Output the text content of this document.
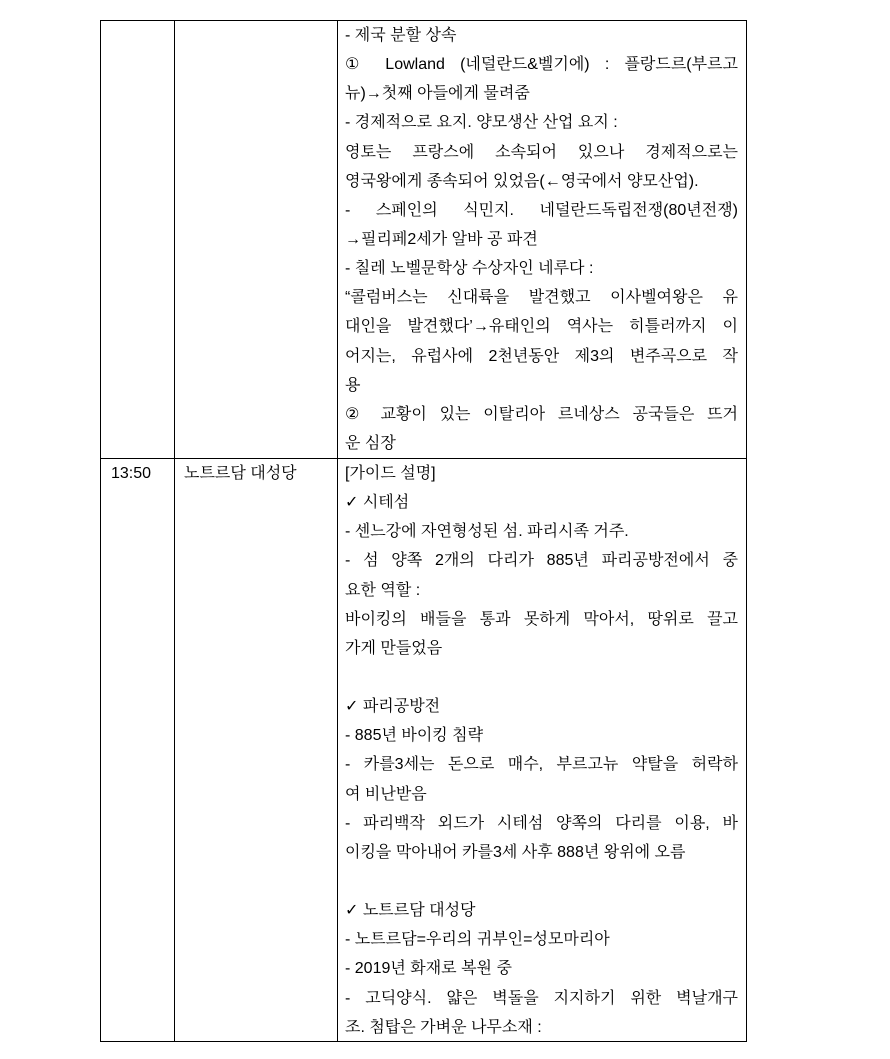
- 제국 분할 상속
① Lowland (네덜란드&벨기에) : 플랑드르(부르고
뉴)→첫째 아들에게 물려줌
- 경제적으로 요지. 양모생산 산업 요지 :
영토는 프랑스에 소속되어 있으나 경제적으로는
영국왕에게 종속되어 있었음(←영국에서 양모산업).
- 스페인의 식민지. 네덜란드독립전쟁(80년전쟁)
→필리페2세가 알바 공 파견
- 칠레 노벨문학상 수상자인 네루다 :
“콜럼버스는 신대륙을 발견했고 이사벨여왕은 유
대인을 발견했다’→유태인의 역사는 히틀러까지 이
어지는, 유럽사에 2천년동안 제3의 변주곡으로 작
용
② 교황이 있는 이탈리아 르네상스 공국들은 뜨거
운 심장
13:50	노트르담 대성당	[가이드 설명]
✓ 시테섬
- 센느강에 자연형성된 섬. 파리시족 거주.
- 섬 양쪽 2개의 다리가 885년 파리공방전에서 중
요한 역할 :
바이킹의 배들을 통과 못하게 막아서, 땅위로 끌고
가게 만들었음
✓ 파리공방전
- 885년 바이킹 침략
- 카를3세는 돈으로 매수, 부르고뉴 약탈을 허락하
여 비난받음
- 파리백작 외드가 시테섬 양쪽의 다리를 이용, 바
이킹을 막아내어 카를3세 사후 888년 왕위에 오름
✓ 노트르담 대성당
- 노트르담=우리의 귀부인=성모마리아
- 2019년 화재로 복원 중
- 고딕양식. 얇은 벽돌을 지지하기 위한 벽날개구
조. 첨탑은 가벼운 나무소재 :
